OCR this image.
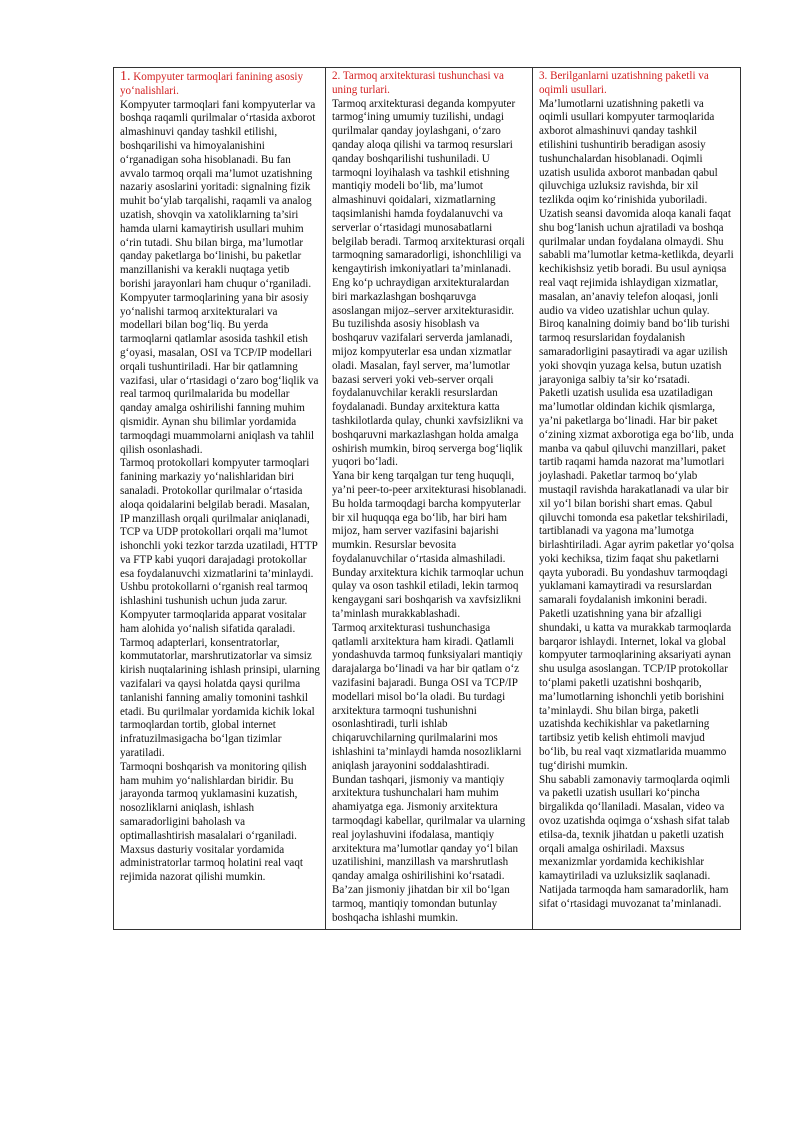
1. Kompyuter tarmoqlari fanining asosiy yo‘nalishlari.
Kompyuter tarmoqlari fani kompyuterlar va boshqa raqamli qurilmalar o‘rtasida axborot almashinuvi qanday tashkil etilishi, boshqarilishi va himoyalanishini o‘rganadigan soha hisoblanadi. Bu fan avvalo tarmoq orqali ma’lumot uzatishning nazariy asoslarini yoritadi: signalning fizik muhit bo‘ylab tarqalishi, raqamli va analog uzatish, shovqin va xatoliklarning ta’siri hamda ularni kamaytirish usullari muhim o‘rin tutadi. Shu bilan birga, ma’lumotlar qanday paketlarga bo‘linishi, bu paketlar manzillanishi va kerakli nuqtaga yetib borishi jarayonlari ham chuqur o‘rganiladi.
Kompyuter tarmoqlarining yana bir asosiy yo‘nalishi tarmoq arxitekturalari va modellari bilan bog‘liq. Bu yerda tarmoqlarni qatlamlar asosida tashkil etish g‘oyasi, masalan, OSI va TCP/IP modellari orqali tushuntiriladi. Har bir qatlamning vazifasi, ular o‘rtasidagi o‘zaro bog‘liqlik va real tarmoq qurilmalarida bu modellar qanday amalga oshirilishi fanning muhim qismidir. Aynan shu bilimlar yordamida tarmoqdagi muammolarni aniqlash va tahlil qilish osonlashadi.
Tarmoq protokollari kompyuter tarmoqlari fanining markaziy yo‘nalishlaridan biri sanaladi. Protokollar qurilmalar o‘rtasida aloqa qoidalarini belgilab beradi. Masalan, IP manzillash orqali qurilmalar aniqlanadi, TCP va UDP protokollari orqali ma’lumot ishonchli yoki tezkor tarzda uzatiladi, HTTP va FTP kabi yuqori darajadagi protokollar esa foydalanuvchi xizmatlarini ta’minlaydi. Ushbu protokollarni o‘rganish real tarmoq ishlashini tushunish uchun juda zarur.
Kompyuter tarmoqlarida apparat vositalar ham alohida yo‘nalish sifatida qaraladi. Tarmoq adapterlari, konsentratorlar, kommutatorlar, marshrutizatorlar va simsiz kirish nuqtalarining ishlash prinsipi, ularning vazifalari va qaysi holatda qaysi qurilma tanlanishi fanning amaliy tomonini tashkil etadi. Bu qurilmalar yordamida kichik lokal tarmoqlardan tortib, global internet infratuzilmasigacha bo‘lgan tizimlar yaratiladi.
Tarmoqni boshqarish va monitoring qilish ham muhim yo‘nalishlardan biridir. Bu jarayonda tarmoq yuklamasini kuzatish, nosozliklarni aniqlash, ishlash samaradorligini baholash va optimallashtirish masalalari o‘rganiladi. Maxsus dasturiy vositalar yordamida administratorlar tarmoq holatini real vaqt rejimida nazorat qilishi mumkin.
2. Tarmoq arxitekturasi tushunchasi va uning turlari.
Tarmoq arxitekturasi deganda kompyuter tarmog‘ining umumiy tuzilishi, undagi qurilmalar qanday joylashgani, o‘zaro qanday aloqa qilishi va tarmoq resurslari qanday boshqarilishi tushuniladi. U tarmoqni loyihalash va tashkil etishning mantiqiy modeli bo‘lib, ma’lumot almashinuvi qoidalari, xizmatlarning taqsimlanishi hamda foydalanuvchi va serverlar o‘rtasidagi munosabatlarni belgilab beradi. Tarmoq arxitekturasi orqali tarmoqning samaradorligi, ishonchliligi va kengaytirish imkoniyatlari ta’minlanadi.
Eng ko‘p uchraydigan arxitekturalardan biri markazlashgan boshqaruvga asoslangan mijoz–server arxitekturasidir. Bu tuzilishda asosiy hisoblash va boshqaruv vazifalari serverda jamlanadi, mijoz kompyuterlar esa undan xizmatlar oladi. Masalan, fayl server, ma’lumotlar bazasi serveri yoki veb-server orqali foydalanuvchilar kerakli resurslardan foydalanadi. Bunday arxitektura katta tashkilotlarda qulay, chunki xavfsizlikni va boshqaruvni markazlashgan holda amalga oshirish mumkin, biroq serverga bog‘liqlik yuqori bo‘ladi.
Yana bir keng tarqalgan tur teng huquqli, ya’ni peer-to-peer arxitekturasi hisoblanadi. Bu holda tarmoqdagi barcha kompyuterlar bir xil huquqqa ega bo‘lib, har biri ham mijoz, ham server vazifasini bajarishi mumkin. Resurslar bevosita foydalanuvchilar o‘rtasida almashiladi. Bunday arxitektura kichik tarmoqlar uchun qulay va oson tashkil etiladi, lekin tarmoq kengaygani sari boshqarish va xavfsizlikni ta’minlash murakkablashadi.
Tarmoq arxitekturasi tushunchasiga qatlamli arxitektura ham kiradi. Qatlamli yondashuvda tarmoq funksiyalari mantiqiy darajalarga bo‘linadi va har bir qatlam o‘z vazifasini bajaradi. Bunga OSI va TCP/IP modellari misol bo‘la oladi. Bu turdagi arxitektura tarmoqni tushunishni osonlashtiradi, turli ishlab chiqaruvchilarning qurilmalarini mos ishlashini ta’minlaydi hamda nosozliklarni aniqlash jarayonini soddalashtiradi.
Bundan tashqari, jismoniy va mantiqiy arxitektura tushunchalari ham muhim ahamiyatga ega. Jismoniy arxitektura tarmoqdagi kabellar, qurilmalar va ularning real joylashuvini ifodalasa, mantiqiy arxitektura ma’lumotlar qanday yo‘l bilan uzatilishini, manzillash va marshrutlash qanday amalga oshirilishini ko‘rsatadi. Ba’zan jismoniy jihatdan bir xil bo‘lgan tarmoq, mantiqiy tomondan butunlay boshqacha ishlashi mumkin.
3. Berilganlarni uzatishning paketli va oqimli usullari.
Ma’lumotlarni uzatishning paketli va oqimli usullari kompyuter tarmoqlarida axborot almashinuvi qanday tashkil etilishini tushuntirib beradigan asosiy tushunchalardan hisoblanadi. Oqimli uzatish usulida axborot manbadan qabul qiluvchiga uzluksiz ravishda, bir xil tezlikda oqim ko‘rinishida yuboriladi. Uzatish seansi davomida aloqa kanali faqat shu bog‘lanish uchun ajratiladi va boshqa qurilmalar undan foydalana olmaydi. Shu sababli ma’lumotlar ketma-ketlikda, deyarli kechikishsiz yetib boradi. Bu usul ayniqsa real vaqt rejimida ishlaydigan xizmatlar, masalan, an’anaviy telefon aloqasi, jonli audio va video uzatishlar uchun qulay. Biroq kanalning doimiy band bo‘lib turishi tarmoq resurslaridan foydalanish samaradorligini pasaytiradi va agar uzilish yoki shovqin yuzaga kelsa, butun uzatish jarayoniga salbiy ta’sir ko‘rsatadi.
Paketli uzatish usulida esa uzatiladigan ma’lumotlar oldindan kichik qismlarga, ya’ni paketlarga bo‘linadi. Har bir paket o‘zining xizmat axborotiga ega bo‘lib, unda manba va qabul qiluvchi manzillari, paket tartib raqami hamda nazorat ma’lumotlari joylashadi. Paketlar tarmoq bo‘ylab mustaqil ravishda harakatlanadi va ular bir xil yo‘l bilan borishi shart emas. Qabul qiluvchi tomonda esa paketlar tekshiriladi, tartiblanadi va yagona ma’lumotga birlashtiriladi. Agar ayrim paketlar yo‘qolsa yoki kechiksa, tizim faqat shu paketlarni qayta yuboradi. Bu yondashuv tarmoqdagi yuklamani kamaytiradi va resurslardan samarali foydalanish imkonini beradi.
Paketli uzatishning yana bir afzalligi shundaki, u katta va murakkab tarmoqlarda barqaror ishlaydi. Internet, lokal va global kompyuter tarmoqlarining aksariyati aynan shu usulga asoslangan. TCP/IP protokollar to‘plami paketli uzatishni boshqarib, ma’lumotlarning ishonchli yetib borishini ta’minlaydi. Shu bilan birga, paketli uzatishda kechikishlar va paketlarning tartibsiz yetib kelish ehtimoli mavjud bo‘lib, bu real vaqt xizmatlarida muammo tug‘dirishi mumkin.
Shu sababli zamonaviy tarmoqlarda oqimli va paketli uzatish usullari ko‘pincha birgalikda qo‘llaniladi. Masalan, video va ovoz uzatishda oqimga o‘xshash sifat talab etilsa-da, texnik jihatdan u paketli uzatish orqali amalga oshiriladi. Maxsus mexanizmlar yordamida kechikishlar kamaytiriladi va uzluksizlik saqlanadi. Natijada tarmoqda ham samaradorlik, ham sifat o‘rtasidagi muvozanat ta’minlanadi.
